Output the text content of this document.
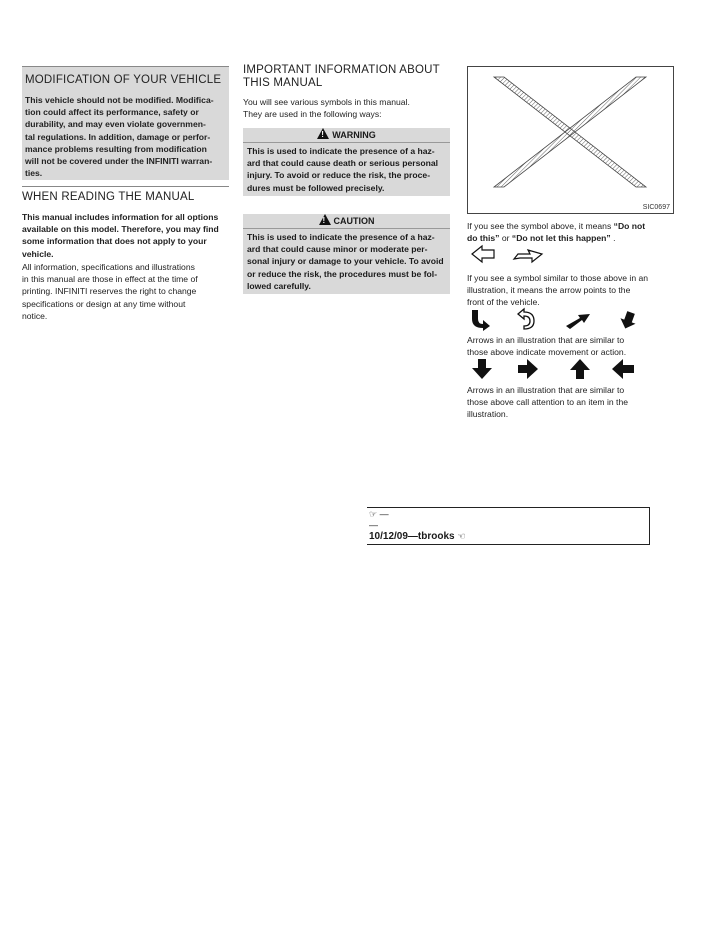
MODIFICATION OF YOUR VEHICLE
This vehicle should not be modified. Modifica-
tion could affect its performance, safety or
durability, and may even violate governmen-
tal regulations. In addition, damage or perfor-
mance problems resulting from modification
will not be covered under the INFINITI warran-
ties.
WHEN READING THE MANUAL
This manual includes information for all options
available on this model. Therefore, you may find
some information that does not apply to your
vehicle.
All information, specifications and illustrations
in this manual are those in effect at the time of
printing. INFINITI reserves the right to change
specifications or design at any time without
notice.
IMPORTANT INFORMATION ABOUT
THIS MANUAL
You will see various symbols in this manual.
They are used in the following ways:
! WARNING
This is used to indicate the presence of a haz-
ard that could cause death or serious personal
injury. To avoid or reduce the risk, the proce-
dures must be followed precisely.
! CAUTION
This is used to indicate the presence of a haz-
ard that could cause minor or moderate per-
sonal injury or damage to your vehicle. To avoid
or reduce the risk, the procedures must be fol-
lowed carefully.
SIC0697
If you see the symbol above, it means “Do not
do this” or “Do not let this happen” .
If you see a symbol similar to those above in an
illustration, it means the arrow points to the
front of the vehicle.
Arrows in an illustration that are similar to
those above indicate movement or action.
Arrows in an illustration that are similar to
those above call attention to an item in the
illustration.
☞ —
—
10/12/09—tbrooks ☜
